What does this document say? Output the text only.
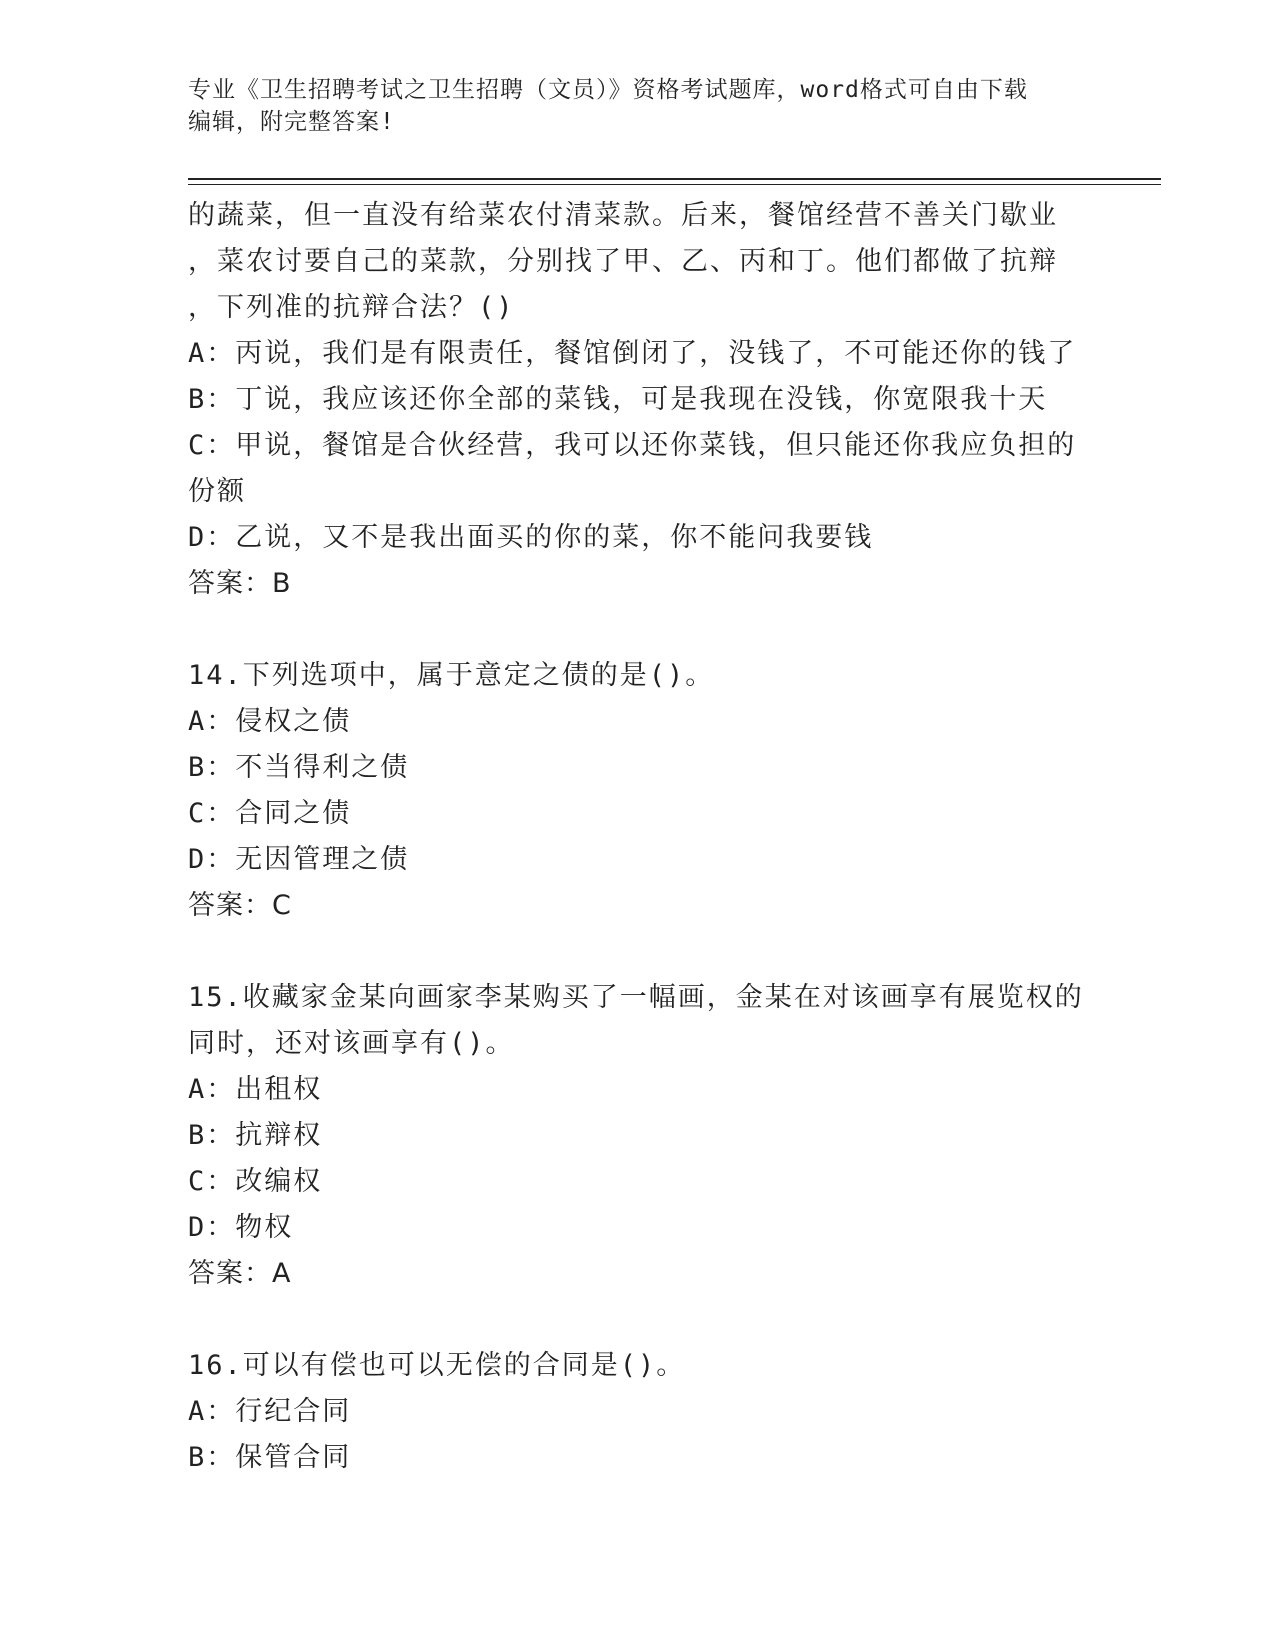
专业《卫生招聘考试之卫生招聘（文员）》资格考试题库，word格式可自由下载
编辑，附完整答案!
的蔬菜，但一直没有给菜农付清菜款。后来，餐馆经营不善关门歇业
，菜农讨要自己的菜款，分别找了甲、乙、丙和丁。他们都做了抗辩
，下列准的抗辩合法？()
A：丙说，我们是有限责任，餐馆倒闭了，没钱了，不可能还你的钱了
B：丁说，我应该还你全部的菜钱，可是我现在没钱，你宽限我十天
C：甲说，餐馆是合伙经营，我可以还你菜钱，但只能还你我应负担的
份额
D：乙说，又不是我出面买的你的菜，你不能问我要钱
答案：B
14.下列选项中，属于意定之债的是()。
A：侵权之债
B：不当得利之债
C：合同之债
D：无因管理之债
答案：C
15.收藏家金某向画家李某购买了一幅画，金某在对该画享有展览权的
同时，还对该画享有()。
A：出租权
B：抗辩权
C：改编权
D：物权
答案：A
16.可以有偿也可以无偿的合同是()。
A：行纪合同
B：保管合同
